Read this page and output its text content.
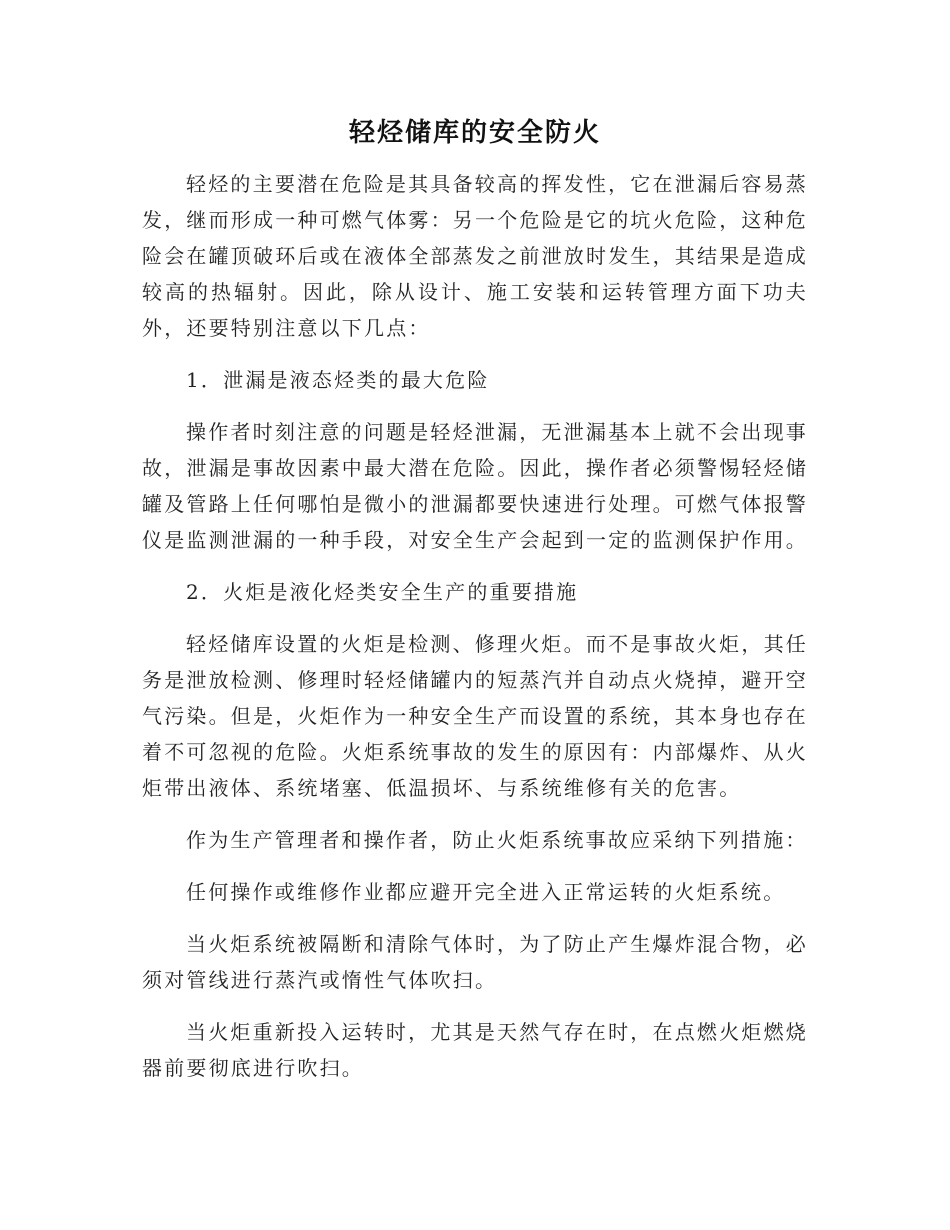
轻烃储库的安全防火

轻烃的主要潜在危险是其具备较高的挥发性，它在泄漏后容易蒸发，继而形成一种可燃气体雾：另一个危险是它的坑火危险，这种危险会在罐顶破环后或在液体全部蒸发之前泄放时发生，其结果是造成较高的热辐射。因此，除从设计、施工安装和运转管理方面下功夫外，还要特别注意以下几点：

1．泄漏是液态烃类的最大危险

操作者时刻注意的问题是轻烃泄漏，无泄漏基本上就不会出现事故，泄漏是事故因素中最大潜在危险。因此，操作者必须警惕轻烃储罐及管路上任何哪怕是微小的泄漏都要快速进行处理。可燃气体报警仪是监测泄漏的一种手段，对安全生产会起到一定的监测保护作用。

2．火炬是液化烃类安全生产的重要措施

轻烃储库设置的火炬是检测、修理火炬。而不是事故火炬，其任务是泄放检测、修理时轻烃储罐内的短蒸汽并自动点火烧掉，避开空气污染。但是，火炬作为一种安全生产而设置的系统，其本身也存在着不可忽视的危险。火炬系统事故的发生的原因有：内部爆炸、从火炬带出液体、系统堵塞、低温损坏、与系统维修有关的危害。

作为生产管理者和操作者，防止火炬系统事故应采纳下列措施：

任何操作或维修作业都应避开完全进入正常运转的火炬系统。

当火炬系统被隔断和清除气体时，为了防止产生爆炸混合物，必须对管线进行蒸汽或惰性气体吹扫。

当火炬重新投入运转时，尤其是天然气存在时，在点燃火炬燃烧器前要彻底进行吹扫。
